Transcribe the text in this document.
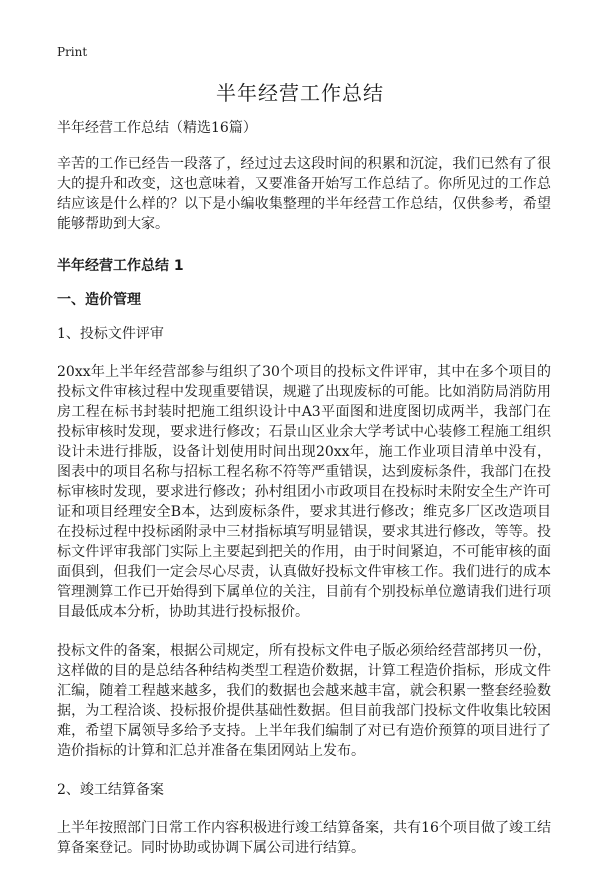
Print
半年经营工作总结

半年经营工作总结（精选16篇）

辛苦的工作已经告一段落了，经过过去这段时间的积累和沉淀，我们已然有了很大的提升和改变，这也意味着，又要准备开始写工作总结了。你所见过的工作总结应该是什么样的？以下是小编收集整理的半年经营工作总结，仅供参考，希望能够帮助到大家。

半年经营工作总结 1
一、造价管理

1、投标文件评审

20xx年上半年经营部参与组织了30个项目的投标文件评审，其中在多个项目的投标文件审核过程中发现重要错误，规避了出现废标的可能。比如消防局消防用房工程在标书封装时把施工组织设计中A3平面图和进度图切成两半，我部门在投标审核时发现，要求进行修改；石景山区业余大学考试中心装修工程施工组织设计未进行排版，设备计划使用时间出现20xx年，施工作业项目清单中没有，图表中的项目名称与招标工程名称不符等严重错误，达到废标条件，我部门在投标审核时发现，要求进行修改；孙村组团小市政项目在投标时未附安全生产许可证和项目经理安全B本，达到废标条件，要求其进行修改；维克多厂区改造项目在投标过程中投标函附录中三材指标填写明显错误，要求其进行修改，等等。投标文件评审我部门实际上主要起到把关的作用，由于时间紧迫，不可能审核的面面俱到，但我们一定会尽心尽责，认真做好投标文件审核工作。我们进行的成本管理测算工作已开始得到下属单位的关注，目前有个别投标单位邀请我们进行项目最低成本分析，协助其进行投标报价。

投标文件的备案，根据公司规定，所有投标文件电子版必须给经营部拷贝一份，这样做的目的是总结各种结构类型工程造价数据，计算工程造价指标，形成文件汇编，随着工程越来越多，我们的数据也会越来越丰富，就会积累一整套经验数据，为工程洽谈、投标报价提供基础性数据。但目前我部门投标文件收集比较困难，希望下属领导多给予支持。上半年我们编制了对已有造价预算的项目进行了造价指标的计算和汇总并准备在集团网站上发布。

2、竣工结算备案

上半年按照部门日常工作内容积极进行竣工结算备案，共有16个项目做了竣工结算备案登记。同时协助或协调下属公司进行结算。
